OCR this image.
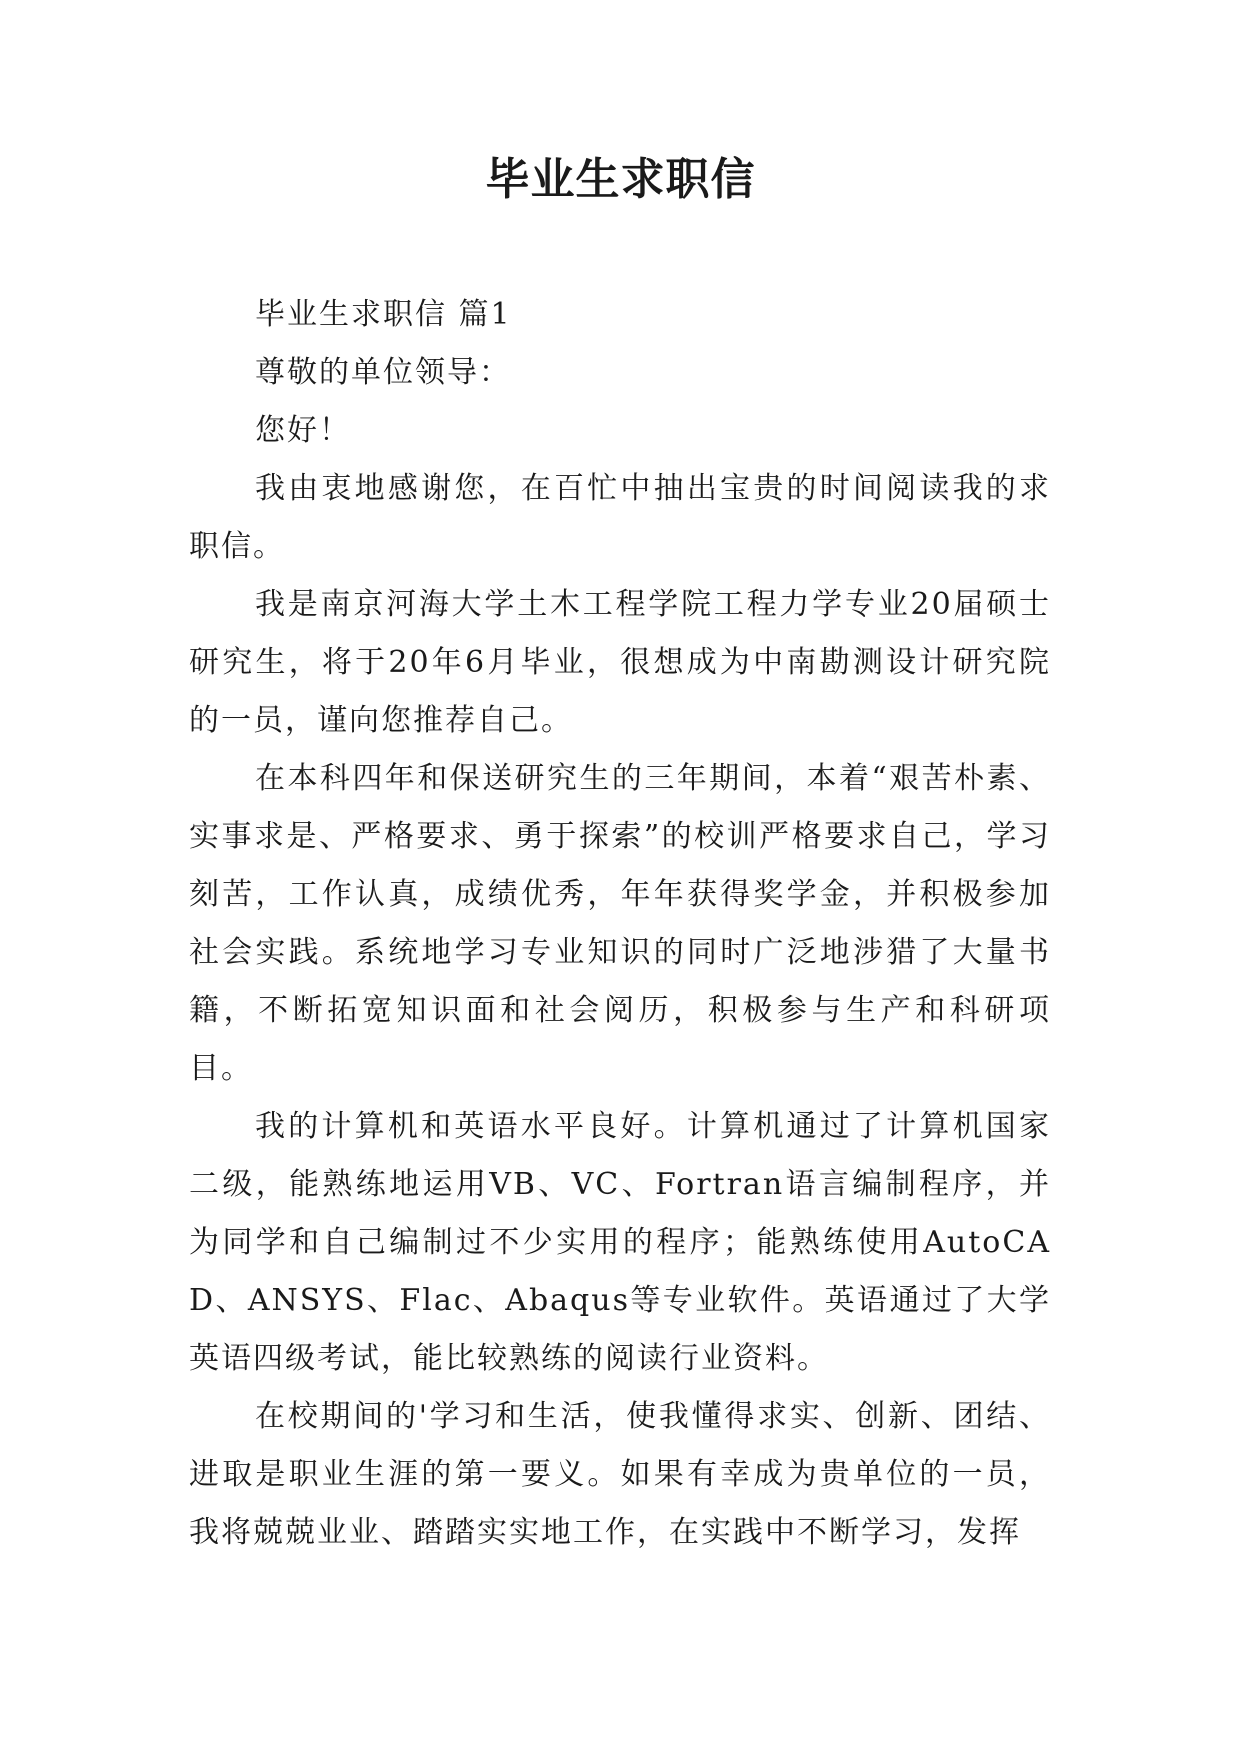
毕业生求职信

毕业生求职信 篇1

尊敬的单位领导：

您好！

我由衷地感谢您，在百忙中抽出宝贵的时间阅读我的求职信。

我是南京河海大学土木工程学院工程力学专业20届硕士研究生，将于20年6月毕业，很想成为中南勘测设计研究院的一员，谨向您推荐自己。

在本科四年和保送研究生的三年期间，本着“艰苦朴素、实事求是、严格要求、勇于探索”的校训严格要求自己，学习刻苦，工作认真，成绩优秀，年年获得奖学金，并积极参加社会实践。系统地学习专业知识的同时广泛地涉猎了大量书籍，不断拓宽知识面和社会阅历，积极参与生产和科研项目。

我的计算机和英语水平良好。计算机通过了计算机国家二级，能熟练地运用VB、VC、Fortran语言编制程序，并为同学和自己编制过不少实用的程序；能熟练使用AutoCAD、ANSYS、Flac、Abaqus等专业软件。英语通过了大学英语四级考试，能比较熟练的阅读行业资料。

在校期间的'学习和生活，使我懂得求实、创新、团结、进取是职业生涯的第一要义。如果有幸成为贵单位的一员，我将兢兢业业、踏踏实实地工作，在实践中不断学习，发挥
